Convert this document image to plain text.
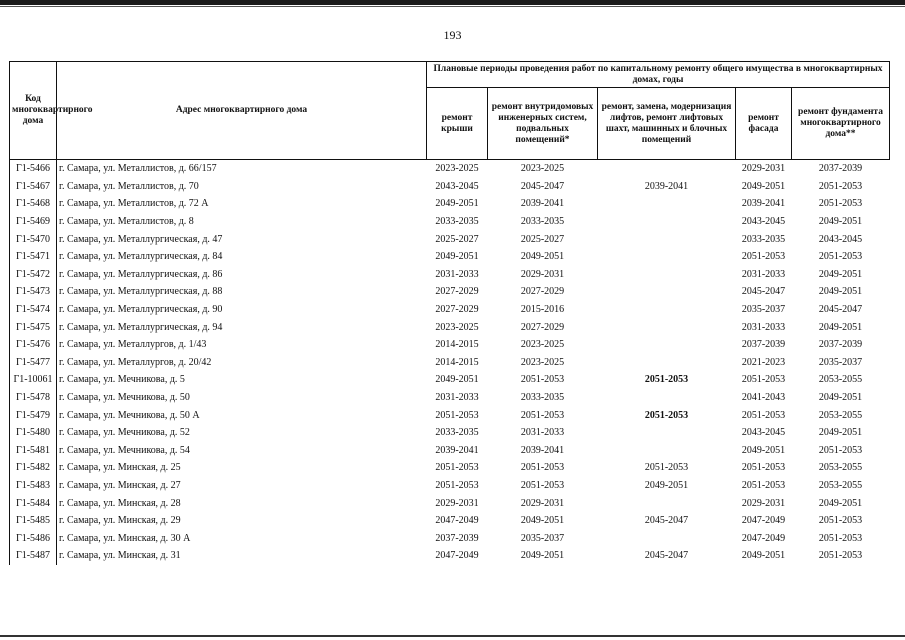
193
Код многоквартирного дома	Адрес многоквартирного дома	Плановые периоды проведения работ по капитальному ремонту общего имущества в многоквартирных домах, годы				
		ремонт крыши	ремонт внутридомовых инженерных систем, подвальных помещений*	ремонт, замена, модернизация лифтов, ремонт лифтовых шахт, машинных и блочных помещений	ремонт фасада	ремонт фундамента многоквартирного дома**
Г1-5466	г. Самара, ул. Металлистов, д. 66/157	2023-2025	2023-2025		2029-2031	2037-2039
Г1-5467	г. Самара, ул. Металлистов, д. 70	2043-2045	2045-2047	2039-2041	2049-2051	2051-2053
Г1-5468	г. Самара, ул. Металлистов, д. 72 А	2049-2051	2039-2041		2039-2041	2051-2053
Г1-5469	г. Самара, ул. Металлистов, д. 8	2033-2035	2033-2035		2043-2045	2049-2051
Г1-5470	г. Самара, ул. Металлургическая, д. 47	2025-2027	2025-2027		2033-2035	2043-2045
Г1-5471	г. Самара, ул. Металлургическая, д. 84	2049-2051	2049-2051		2051-2053	2051-2053
Г1-5472	г. Самара, ул. Металлургическая, д. 86	2031-2033	2029-2031		2031-2033	2049-2051
Г1-5473	г. Самара, ул. Металлургическая, д. 88	2027-2029	2027-2029		2045-2047	2049-2051
Г1-5474	г. Самара, ул. Металлургическая, д. 90	2027-2029	2015-2016		2035-2037	2045-2047
Г1-5475	г. Самара, ул. Металлургическая, д. 94	2023-2025	2027-2029		2031-2033	2049-2051
Г1-5476	г. Самара, ул. Металлургов, д. 1/43	2014-2015	2023-2025		2037-2039	2037-2039
Г1-5477	г. Самара, ул. Металлургов, д. 20/42	2014-2015	2023-2025		2021-2023	2035-2037
Г1-10061	г. Самара, ул. Мечникова, д. 5	2049-2051	2051-2053	2051-2053	2051-2053	2053-2055
Г1-5478	г. Самара, ул. Мечникова, д. 50	2031-2033	2033-2035		2041-2043	2049-2051
Г1-5479	г. Самара, ул. Мечникова, д. 50 А	2051-2053	2051-2053	2051-2053	2051-2053	2053-2055
Г1-5480	г. Самара, ул. Мечникова, д. 52	2033-2035	2031-2033		2043-2045	2049-2051
Г1-5481	г. Самара, ул. Мечникова, д. 54	2039-2041	2039-2041		2049-2051	2051-2053
Г1-5482	г. Самара, ул. Минская, д. 25	2051-2053	2051-2053	2051-2053	2051-2053	2053-2055
Г1-5483	г. Самара, ул. Минская, д. 27	2051-2053	2051-2053	2049-2051	2051-2053	2053-2055
Г1-5484	г. Самара, ул. Минская, д. 28	2029-2031	2029-2031		2029-2031	2049-2051
Г1-5485	г. Самара, ул. Минская, д. 29	2047-2049	2049-2051	2045-2047	2047-2049	2051-2053
Г1-5486	г. Самара, ул. Минская, д. 30 А	2037-2039	2035-2037		2047-2049	2051-2053
Г1-5487	г. Самара, ул. Минская, д. 31	2047-2049	2049-2051	2045-2047	2049-2051	2051-2053
